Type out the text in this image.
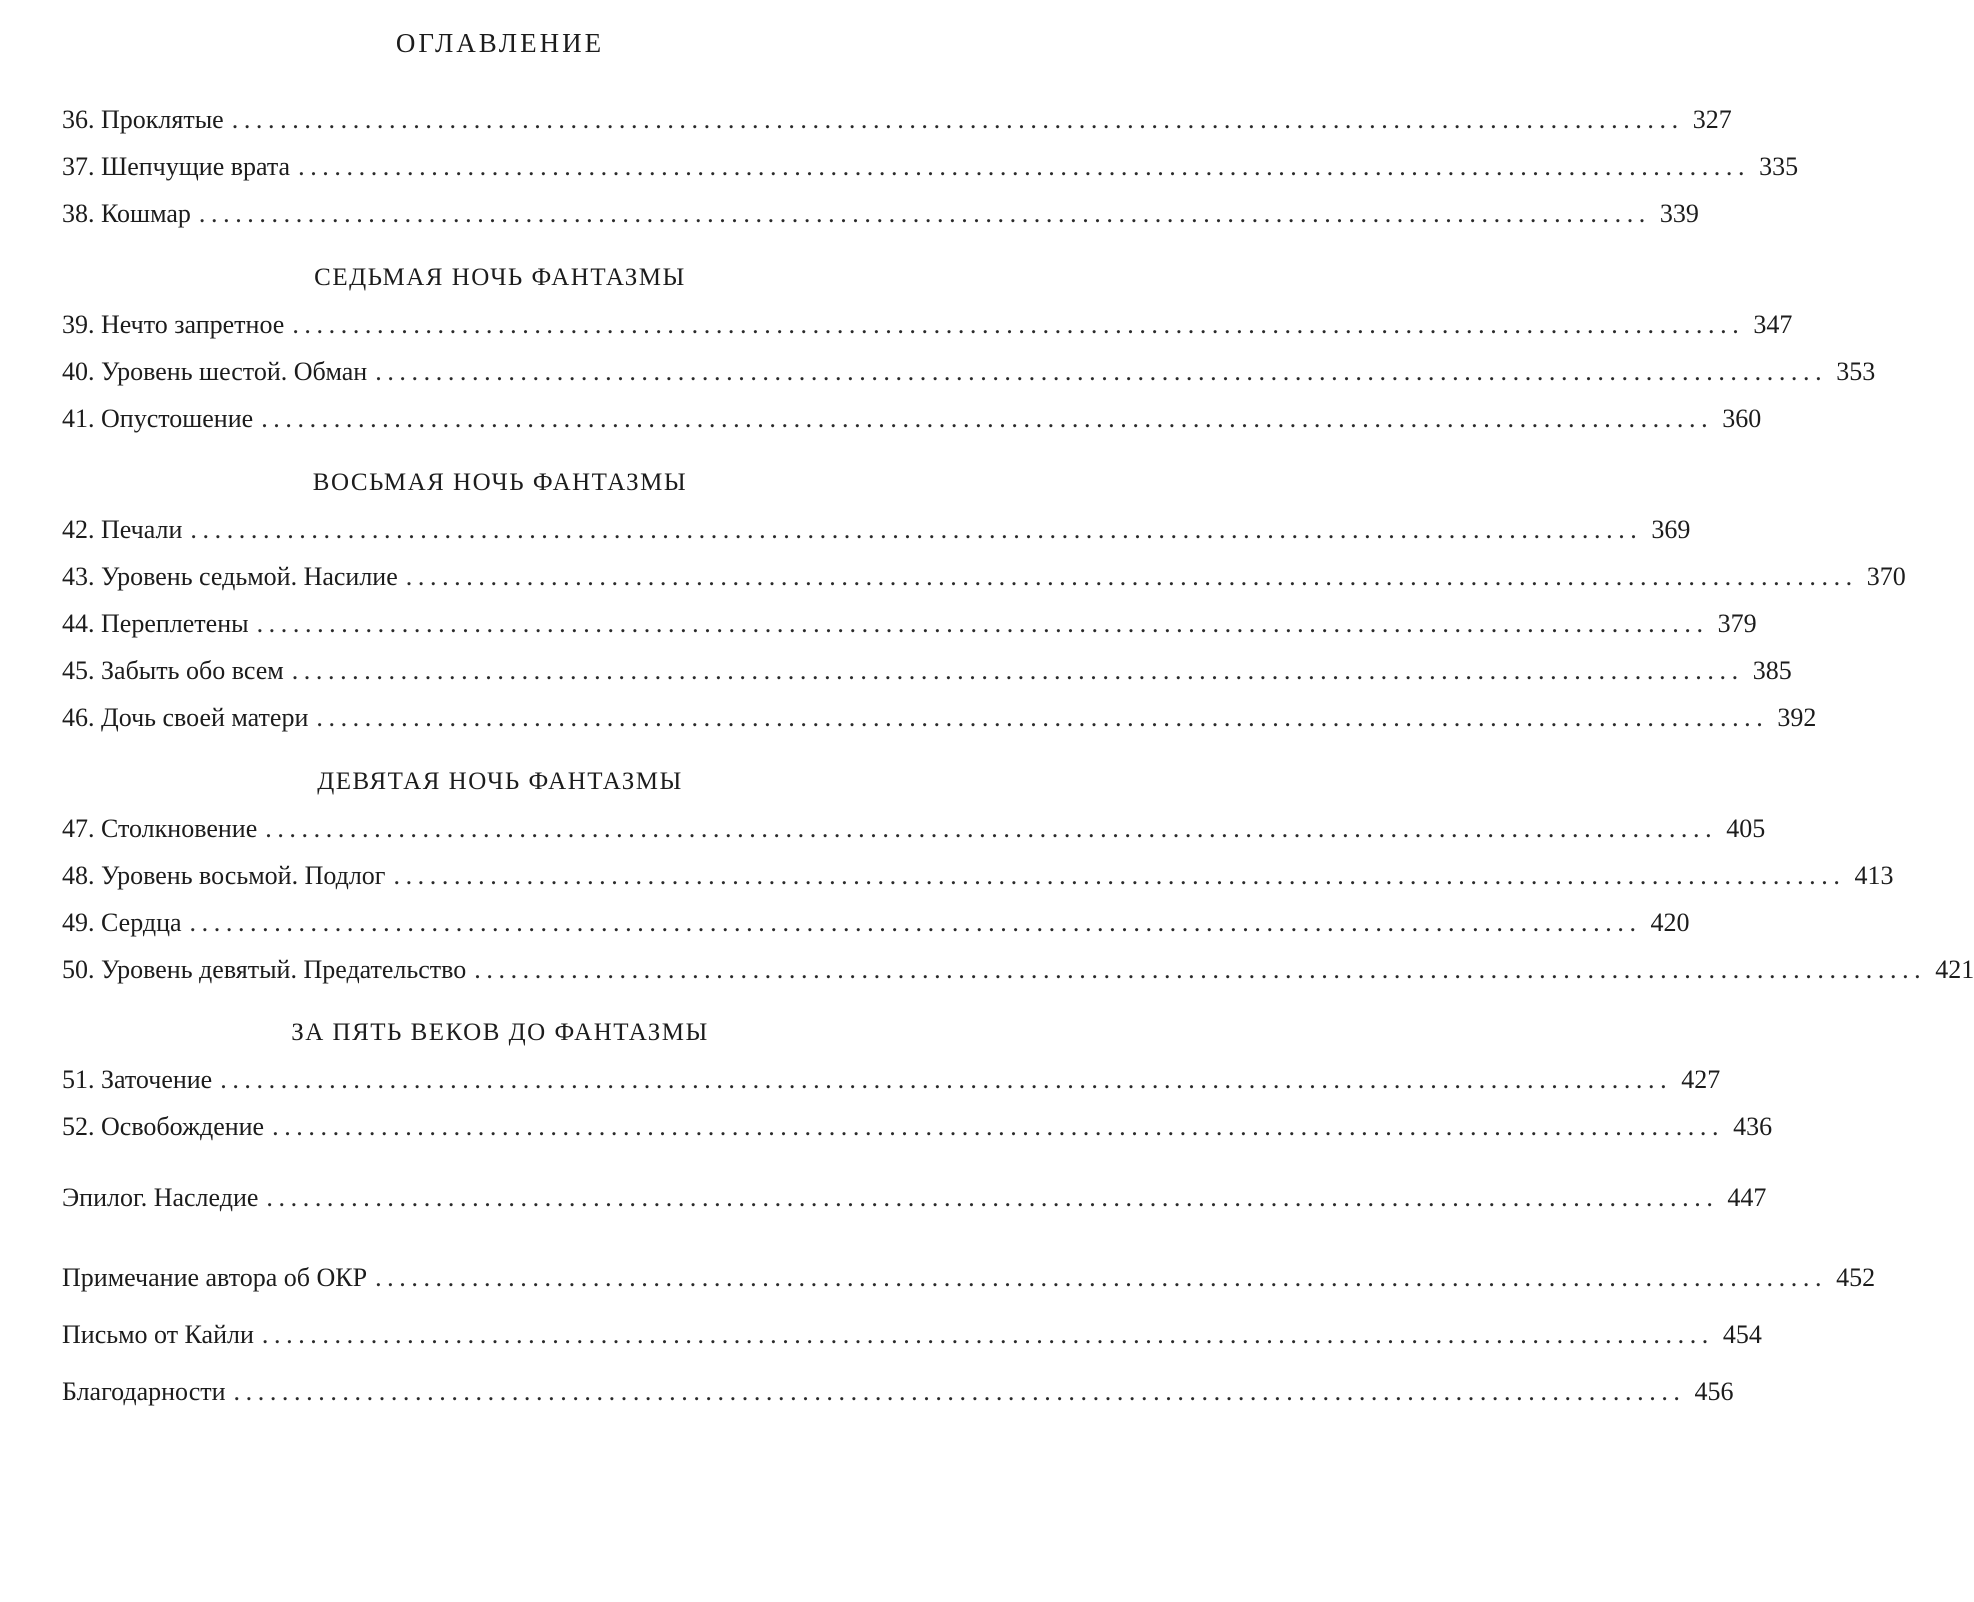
ОГЛАВЛЕНИЕ
36. Проклятые ........................................................................................................................ 327
37. Шепчущие врата ........................................................................................................................ 335
38. Кошмар ........................................................................................................................ 339
СЕДЬМАЯ НОЧЬ ФАНТАЗМЫ
39. Нечто запретное ........................................................................................................................ 347
40. Уровень шестой. Обман ........................................................................................................................ 353
41. Опустошение ........................................................................................................................ 360
ВОСЬМАЯ НОЧЬ ФАНТАЗМЫ
42. Печали ........................................................................................................................ 369
43. Уровень седьмой. Насилие ........................................................................................................................ 370
44. Переплетены ........................................................................................................................ 379
45. Забыть обо всем ........................................................................................................................ 385
46. Дочь своей матери ........................................................................................................................ 392
ДЕВЯТАЯ НОЧЬ ФАНТАЗМЫ
47. Столкновение ........................................................................................................................ 405
48. Уровень восьмой. Подлог ........................................................................................................................ 413
49. Сердца ........................................................................................................................ 420
50. Уровень девятый. Предательство ........................................................................................................................ 421
ЗА ПЯТЬ ВЕКОВ ДО ФАНТАЗМЫ
51. Заточение ........................................................................................................................ 427
52. Освобождение ........................................................................................................................ 436
Эпилог. Наследие ........................................................................................................................ 447
Примечание автора об ОКР ........................................................................................................................ 452
Письмо от Кайли ........................................................................................................................ 454
Благодарности ........................................................................................................................ 456
